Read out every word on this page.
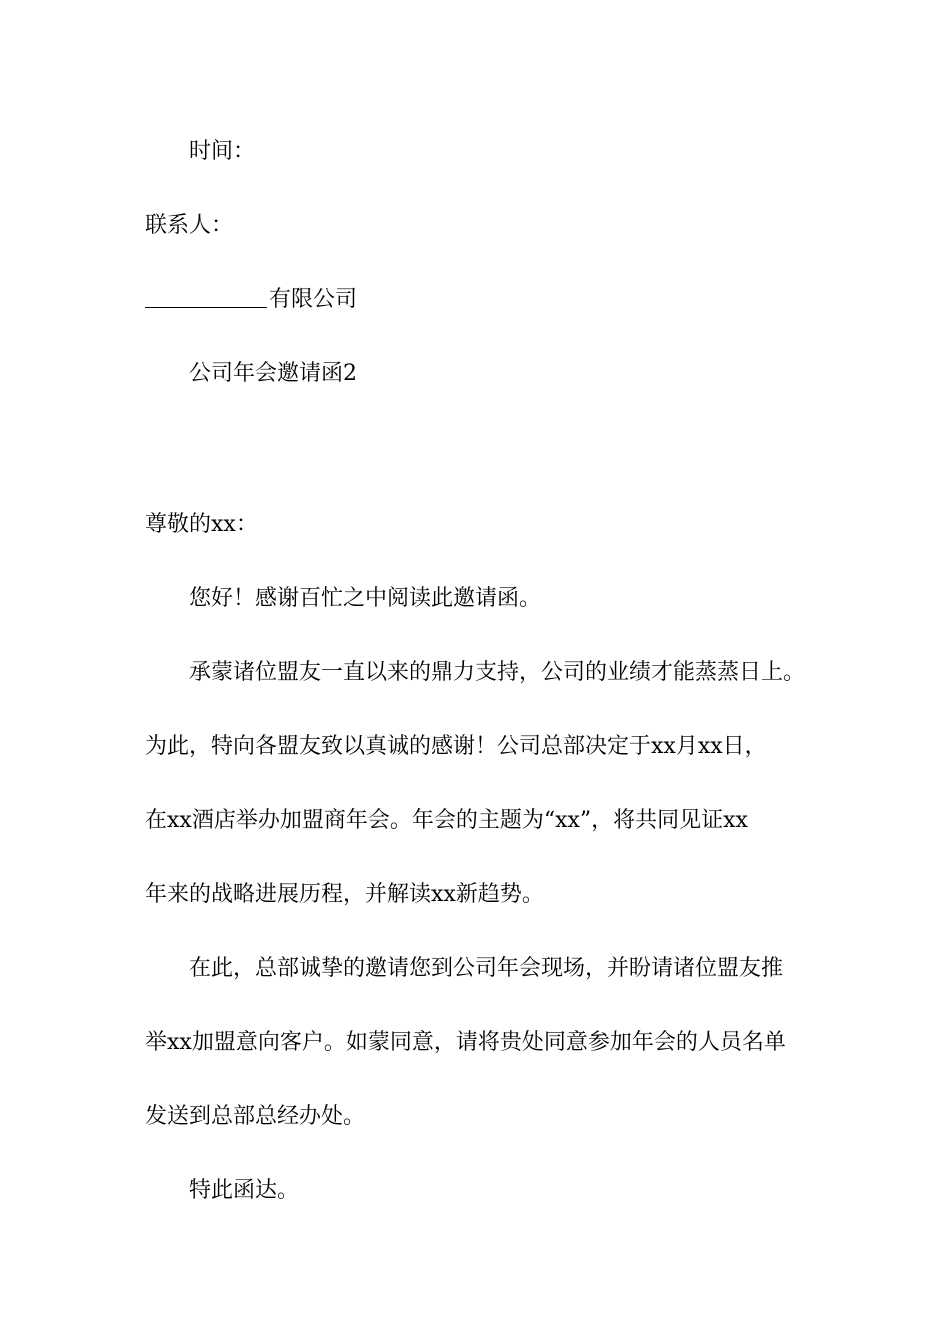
时间：
联系人：
有限公司
公司年会邀请函2
尊敬的xx：
您好！感谢百忙之中阅读此邀请函。
承蒙诸位盟友一直以来的鼎力支持，公司的业绩才能蒸蒸日上。
为此，特向各盟友致以真诚的感谢！公司总部决定于xx月xx日，
在xx酒店举办加盟商年会。年会的主题为“xx”，将共同见证xx
年来的战略进展历程，并解读xx新趋势。
在此，总部诚挚的邀请您到公司年会现场，并盼请诸位盟友推
举xx加盟意向客户。如蒙同意，请将贵处同意参加年会的人员名单
发送到总部总经办处。
特此函达。
